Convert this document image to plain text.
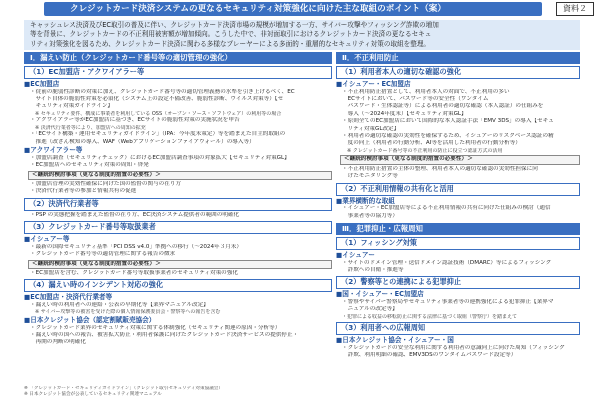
クレジットカード決済システムの更なるセキュリティ対策強化に向けた主な取組のポイント（案）	資料２
キャッシュレス決済及びEC取引の普及に伴い、クレジットカード決済市場の規模が増加する一方、サイバー攻撃やフィッシング詐欺の増加
等を背景に、クレジットカードの不正利用被害額が増加傾向。こうした中で、非対面取引におけるクレジットカード決済の更なるセキュ
リティ対策強化を図るため、クレジットカード決済に関わる多様なプレーヤーによる多面的・重層的なセキュリティ対策の取組を整理。
Ⅰ．漏えい防止（クレジットカード番号等の適切管理の強化）
（1）EC加盟店・アクワイアラー等
■EC加盟店
・従前の脆弱性診断の対策に加え、クレジットカード番号等の適切管理義務の水準を引き上げるべく、EC
　サイト自体の脆弱性対策を必須化（システム上の設定不備改善、脆弱性診断、ウイルス対策等）【セ
　キュリティ対策ガイドライン】
　※ セキュリティ要件、構成に事業者を利用している OSS（オープン・ソース・ソフトウェア）の利用等の場合
・アクワイアラー等がEC加盟店に基づき、ECサイトの脆弱性対策の実施状況を申告
　※ 決済代行業者等により、加盟店への周知の拡充
・「ECサイト構築・運用セキュリティガイドライン」（IPA：今年度末策定）等を踏まえた自主的取組の
　推進（改ざん検知の導入、WAF（Webアプリケーションファイアウォール）の導入等）
■アクワイアラー等
・加盟店調査（セキュリティチェック）におけるEC加盟店調査事項の対象拡大【セキュリティ対策GL】
・EC加盟店へのセキュリティ対策の周知・啓発
＜継続的検討事項（更なる制度的措置の必要性）＞
・加盟店管理の実効性確保に向けた国の監督の関与の在り方
・決済代行業者等の参加と情報共有の促進
（2）決済代行業者等
・PSP の実態把握を踏まえた監督の在り方、EC決済システム提供者の範囲の明確化
（3）クレジットカード番号等取扱業者
■イシュアー等
・最新の国際セキュリティ基準「PCI DSS v4.0」準拠への移行（～2024年３月末）
・クレジットカード番号等の適切管理に関する報告の徴求
＜継続的検討事項（更なる制度的措置の必要性）＞
・EC加盟店を含む、クレジットカード番号等取扱事業者のセキュリティ対策の強化
（4）漏えい時のインシデント対応の強化
■EC加盟店・決済代行業者等
・漏えい時の利用者への連絡・公表の早期化等【業界マニュアル改定】
　※ サイバー攻撃等の被害を受けた際の個人情報保護委員会・警察等への報告を含む
■日本クレジット協会（認定割賦販売協会）
・クレジットカード業界のセキュリティ対策に関する体制強化（セキュリティ関連の原因・分析等）
・漏えい時の国への報告、被害拡大防止・利用者保護に向けたクレジットカード決済サービスの提供停止・
　再開の判断の明確化
※ 「クレジットカード・セキュリティガイドライン」（クレジット取引セキュリティ対策協議会）
※ 日本クレジット協会が公表しているセキュリティ関連マニュアル
Ⅱ．不正利用防止
（1）利用者本人の適切な確認の強化
■イシュアー・EC加盟店
・不正利用防止措置として、利用者本人の対面で、不正利用の多い
　ECサイトにおいて、パスワード等の安全性（ワンタイム
　パスワード・生体認証等）による利用者の適切な確認（本人認証）の仕組みを
　導入（～2024年度末）【セキュリティ対策GL】
・原則全てのEC加盟店において国際的な本人認証手法「EMV 3DS」の導入【セキュ
　リティ対策GL改定】
・利用者の適切な確認の実効性を確保するため、イシュアーのリスクベース認証の精
　度の向上（利用者の行動分析、AI等を活用した利用者の行動分析等）
　※ クレジットカード番号等の不正利用の防止に役立つ認証方式の活用
＜継続的検討事項（更なる制度的措置の必要性）＞
・不正利用防止措置の主体の整理、利用者本人の適切な確認の実効性担保に向
　けたモニタリング等
（2）不正利用情報の共有化と活用
■業界横断的な取組
・イシュアー・EC加盟店等による不正利用情報の共有に向けた仕組みの検討（通信
　事業者等の協力等）
Ⅲ．犯罪抑止・広報周知
（1）フィッシング対策
■イシュアー
・サイトのドメイン管理・送信ドメイン認証技術（DMARC）等によるフィッシング
　詐欺への自衛・推進等
（2）警察等との連携による犯罪抑止
■国・イシュアー・EC加盟店
・警察やサイバー警察局やセキュリティ事業者等の連携強化による犯罪抑止【業界マ
　ニュアルの改定等】
・犯罪による収益の移転防止に関する法律に基づく取組（警察庁）を踏まえて
（3）利用者への広報周知
■日本クレジット協会・イシュアー・国
・クレジットカードの安全な利用に関する利用者の意識向上に向けた周知（フィッシング
　詐欺、利用明細の確認、EMV3DSのワンタイムパスワード設定等）
